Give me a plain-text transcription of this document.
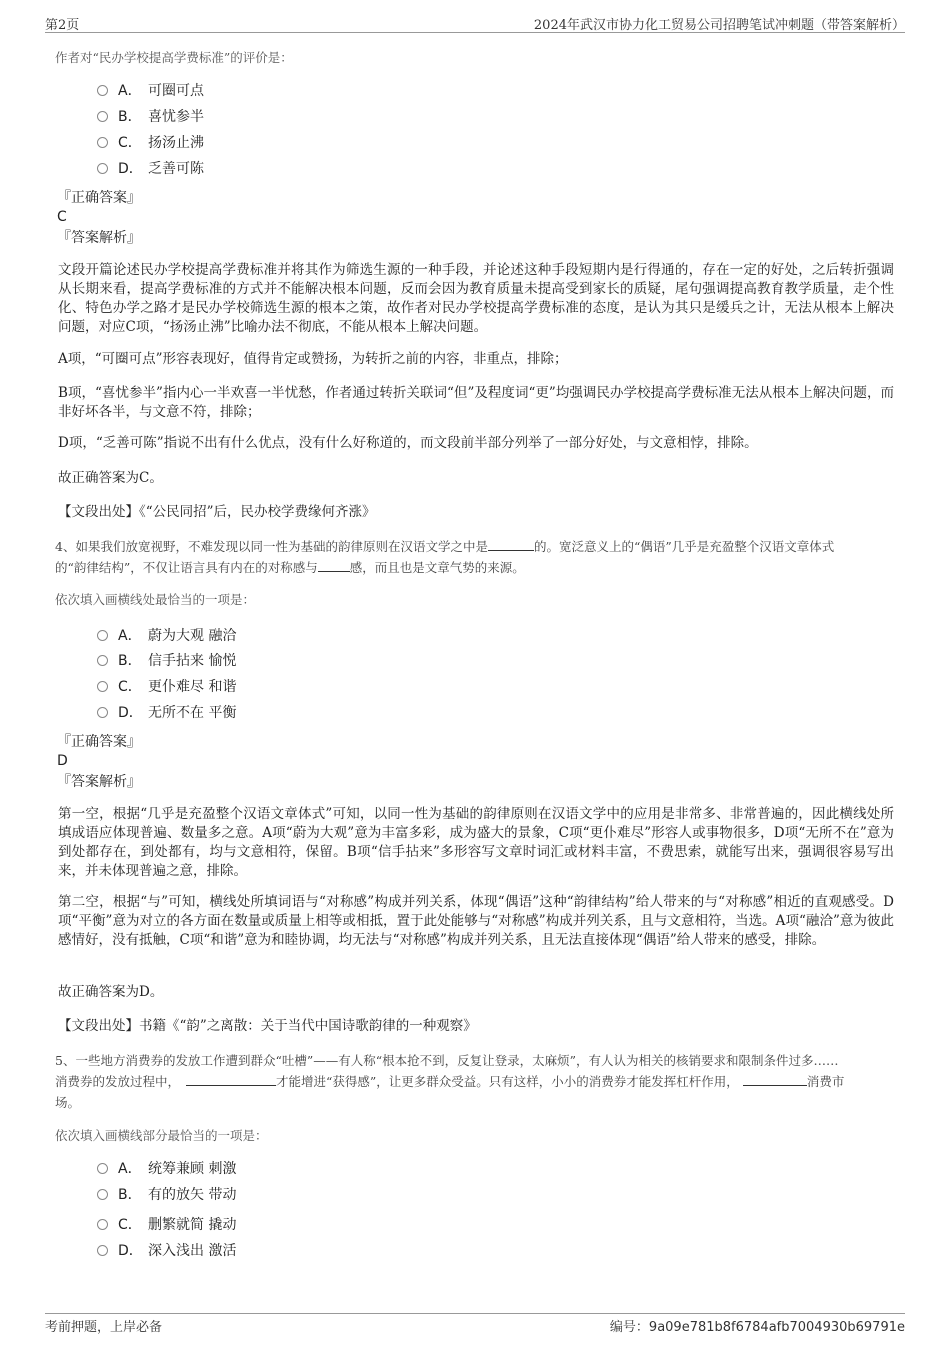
第2页	2024年武汉市协力化工贸易公司招聘笔试冲刺题（带答案解析）
作者对“民办学校提高学费标准”的评价是：
A． 可圈可点
B． 喜忧参半
C． 扬汤止沸
D． 乏善可陈
『正确答案』
C
『答案解析』
文段开篇论述民办学校提高学费标准并将其作为筛选生源的一种手段，并论述这种手段短期内是行得通的，存在一定的好处，之后转折强调从长期来看，提高学费标准的方式并不能解决根本问题，反而会因为教育质量未提高受到家长的质疑，尾句强调提高教育教学质量，走个性化、特色办学之路才是民办学校筛选生源的根本之策，故作者对民办学校提高学费标准的态度，是认为其只是缓兵之计，无法从根本上解决问题，对应C项，“扬汤止沸”比喻办法不彻底，不能从根本上解决问题。
A项，“可圈可点”形容表现好，值得肯定或赞扬，为转折之前的内容，非重点，排除；
B项，“喜忧参半”指内心一半欢喜一半忧愁，作者通过转折关联词“但”及程度词“更”均强调民办学校提高学费标准无法从根本上解决问题，而非好坏各半，与文意不符，排除；
D项，“乏善可陈”指说不出有什么优点，没有什么好称道的，而文段前半部分列举了一部分好处，与文意相悖，排除。
故正确答案为C。
【文段出处】《“公民同招”后，民办校学费缘何齐涨》
4、如果我们放宽视野，不难发现以同一性为基础的韵律原则在汉语文学之中是	的。宽泛意义上的“偶语”几乎是充盈整个汉语文章体式
的“韵律结构”，不仅让语言具有内在的对称感与	感，而且也是文章气势的来源。
依次填入画横线处最恰当的一项是：
A． 蔚为大观 融洽
B． 信手拈来 愉悦
C． 更仆难尽 和谐
D． 无所不在 平衡
『正确答案』
D
『答案解析』
第一空，根据“几乎是充盈整个汉语文章体式”可知，以同一性为基础的韵律原则在汉语文学中的应用是非常多、非常普遍的，因此横线处所填成语应体现普遍、数量多之意。A项“蔚为大观”意为丰富多彩，成为盛大的景象，C项“更仆难尽”形容人或事物很多，D项“无所不在”意为到处都存在，到处都有，均与文意相符，保留。B项“信手拈来”多形容写文章时词汇或材料丰富，不费思索，就能写出来，强调很容易写出来，并未体现普遍之意，排除。
第二空，根据“与”可知，横线处所填词语与“对称感”构成并列关系，体现“偶语”这种“韵律结构”给人带来的与“对称感”相近的直观感受。D项“平衡”意为对立的各方面在数量或质量上相等或相抵，置于此处能够与“对称感”构成并列关系，且与文意相符，当选。A项“融洽”意为彼此感情好，没有抵触，C项“和谐”意为和睦协调，均无法与“对称感”构成并列关系，且无法直接体现“偶语”给人带来的感受，排除。
故正确答案为D。
【文段出处】书籍《“韵”之离散：关于当代中国诗歌韵律的一种观察》
5、一些地方消费券的发放工作遭到群众“吐槽”——有人称“根本抢不到，反复让登录，太麻烦”，有人认为相关的核销要求和限制条件过多……
消费券的发放过程中，	才能增进“获得感”，让更多群众受益。只有这样，小小的消费券才能发挥杠杆作用，	消费市
场。
依次填入画横线部分最恰当的一项是：
A． 统筹兼顾 刺激
B． 有的放矢 带动
C． 删繁就简 撬动
D． 深入浅出 激活
考前押题，上岸必备	编号：9a09e781b8f6784afb7004930b69791e
